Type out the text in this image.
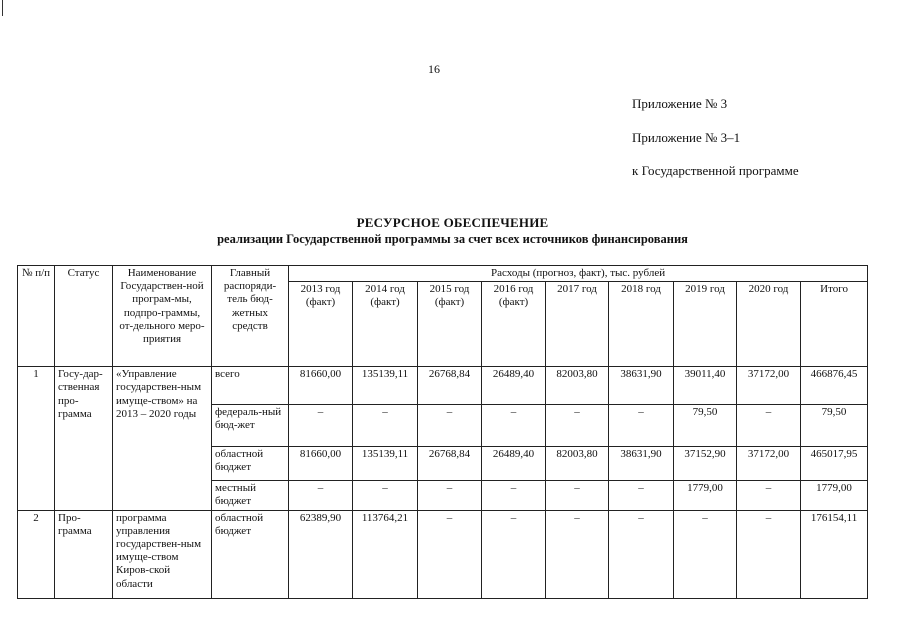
16
Приложение № 3
Приложение № 3–1
к Государственной программе
РЕСУРСНОЕ ОБЕСПЕЧЕНИЕ
реализации Государственной программы за счет всех источников финансирования
№ п/п	Статус	Наименование Государствен-ной програм-мы, подпро-граммы, от-дельного меро-приятия	Главный распоряди-тель бюд-жетных средств	Расходы (прогноз, факт), тыс. рублей								
				2013 год (факт)	2014 год (факт)	2015 год (факт)	2016 год (факт)	2017 год	2018 год	2019 год	2020 год	Итого
1	Госу-дар-ственная про-грамма	«Управление государствен-ным имуще-ством» на 2013 – 2020 годы	всего	81660,00	135139,11	26768,84	26489,40	82003,80	38631,90	39011,40	37172,00	466876,45
			федераль-ный бюд-жет	–	–	–	–	–	–	79,50	–	79,50
			областной бюджет	81660,00	135139,11	26768,84	26489,40	82003,80	38631,90	37152,90	37172,00	465017,95
			местный бюджет	–	–	–	–	–	–	1779,00	–	1779,00
2	Про-грамма	программа управления государствен-ным имуще-ством Киров-ской области	областной бюджет	62389,90	113764,21	–	–	–	–	–	–	176154,11
